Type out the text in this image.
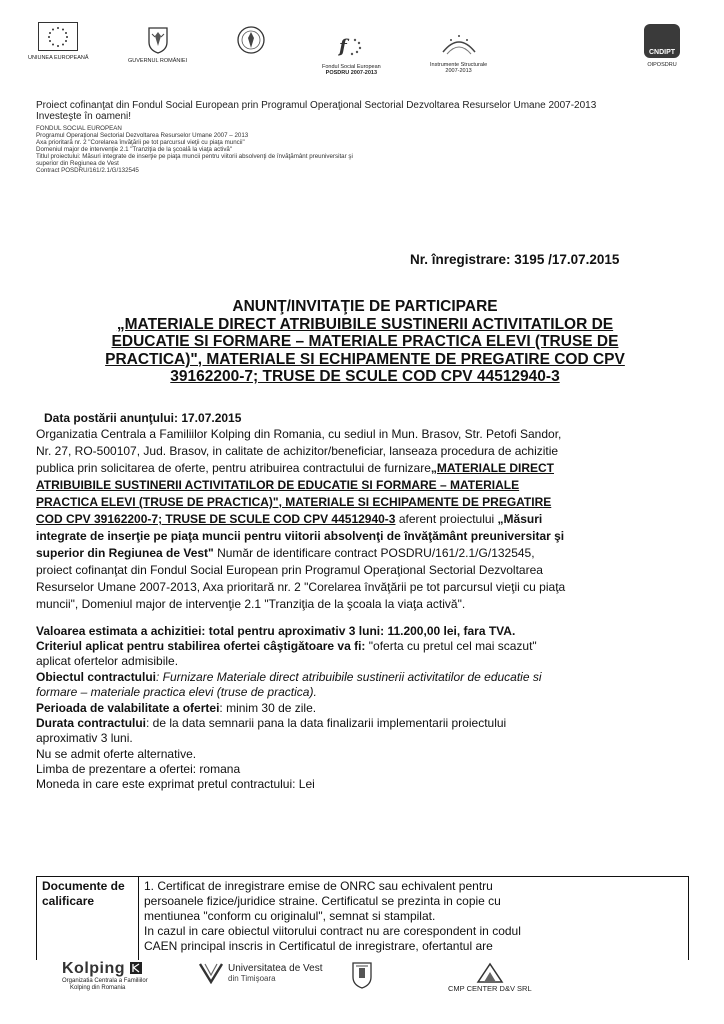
UNIUNEA EUROPEANĂ	GUVERNUL ROMÂNIEI
f
Fondul Social European
POSDRU 2007-2013
Instrumente Structurale
2007-2013
CNDIPT
OIPOSDRU
Proiect cofinanţat din Fondul Social European prin Programul Operaţional Sectorial Dezvoltarea Resurselor Umane 2007-2013
Investeşte în oameni!
FONDUL SOCIAL EUROPEAN
Programul Operaţional Sectorial Dezvoltarea Resurselor Umane 2007 – 2013
Axa prioritară nr. 2 "Corelarea învăţării pe tot parcursul vieţii cu piaţa muncii"
Domeniul major de intervenţie 2.1 "Tranziţia de la şcoală la viaţa activă"
Titlul proiectului: Măsuri integrate de inserţie pe piaţa muncii pentru viitorii absolvenţi de învăţământ preuniversitar şi
superior din Regiunea de Vest
Contract POSDRU/161/2.1/G/132545
Nr. înregistrare: 3195 /17.07.2015
ANUNŢ/INVITAŢIE DE PARTICIPARE
„MATERIALE DIRECT ATRIBUIBILE SUSTINERII ACTIVITATILOR DE
EDUCATIE SI FORMARE – MATERIALE PRACTICA ELEVI (TRUSE DE
PRACTICA)", MATERIALE SI ECHIPAMENTE DE PREGATIRE COD CPV
39162200-7; TRUSE DE SCULE COD CPV 44512940-3
Data postării anunţului: 17.07.2015
Organizatia Centrala a Familiilor Kolping din Romania, cu sediul in Mun. Brasov, Str. Petofi Sandor,
Nr. 27, RO-500107, Jud. Brasov, in calitate de achizitor/beneficiar, lanseaza procedura de achizitie
publica prin solicitarea de oferte, pentru atribuirea contractului de furnizare„MATERIALE DIRECT
ATRIBUIBILE SUSTINERII ACTIVITATILOR DE EDUCATIE SI FORMARE – MATERIALE
PRACTICA ELEVI (TRUSE DE PRACTICA)", MATERIALE SI ECHIPAMENTE DE PREGATIRE
COD CPV 39162200-7; TRUSE DE SCULE COD CPV 44512940-3 aferent proiectului „Măsuri
integrate de inserţie pe piaţa muncii pentru viitorii absolvenţi de învăţământ preuniversitar şi
superior din Regiunea de Vest" Număr de identificare contract POSDRU/161/2.1/G/132545,
proiect cofinanţat din Fondul Social European prin Programul Operaţional Sectorial Dezvoltarea
Resurselor Umane 2007-2013, Axa prioritară nr. 2 "Corelarea învăţării pe tot parcursul vieţii cu piaţa
muncii", Domeniul major de intervenţie 2.1 "Tranziţia de la şcoala la viaţa activă".
Valoarea estimata a achizitiei: total pentru aproximativ 3 luni: 11.200,00 lei, fara TVA.
Criteriul aplicat pentru stabilirea ofertei câştigătoare va fi: "oferta cu pretul cel mai scazut"
aplicat ofertelor admisibile.
Obiectul contractului: Furnizare Materiale direct atribuibile sustinerii activitatilor de educatie si
formare – materiale practica elevi (truse de practica).
Perioada de valabilitate a ofertei: minim 30 de zile.
Durata contractului: de la data semnarii pana la data finalizarii implementarii proiectului
aproximativ 3 luni.
Nu se admit oferte alternative.
Limba de prezentare a ofertei: romana
Moneda in care este exprimat pretul contractului: Lei
Documente de
calificare
1. Certificat de inregistrare emise de ONRC sau echivalent pentru
persoanele fizice/juridice straine. Certificatul se prezinta in copie cu
mentiunea "conform cu originalul", semnat si stampilat.
In cazul in care obiectul viitorului contract nu are corespondent in codul
CAEN principal inscris in Certificatul de inregistrare, ofertantul are
Kolping
Organizatia Centrala a Familiilor
Kolping din Romania
Universitatea de Vest
din Timişoara
CMP CENTER D&V SRL
